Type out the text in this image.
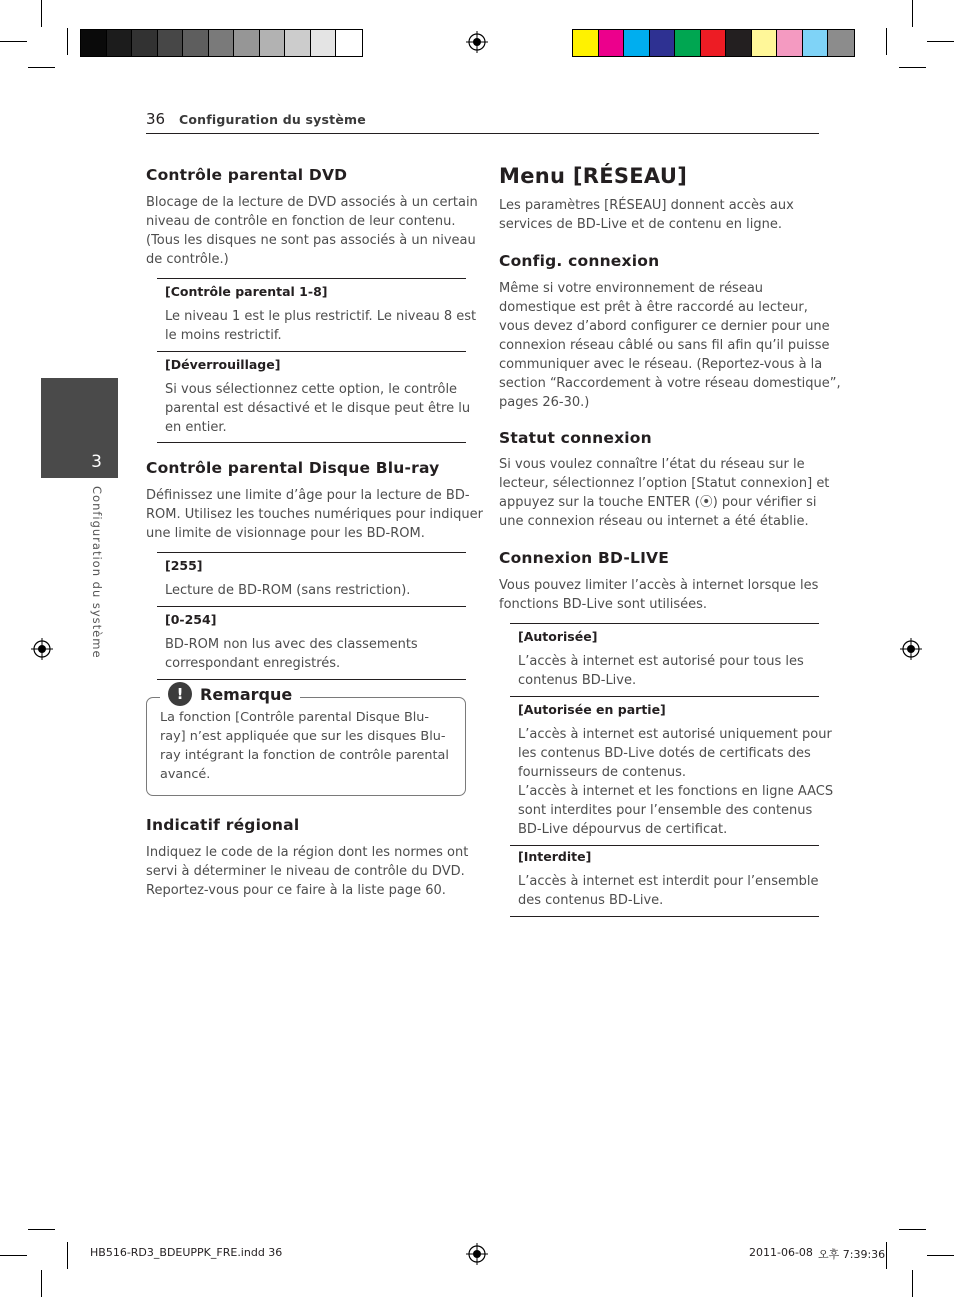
36 Configuration du système
3
Configuration du système
Contrôle parental DVD
Blocage de la lecture de DVD associés à un certain
niveau de contrôle en fonction de leur contenu.
(Tous les disques ne sont pas associés à un niveau
de contrôle.)
[Contrôle parental 1-8]
Le niveau 1 est le plus restrictif. Le niveau 8 est
le moins restrictif.
[Déverrouillage]
Si vous sélectionnez cette option, le contrôle
parental est désactivé et le disque peut être lu
en entier.
Contrôle parental Disque Blu-ray
Définissez une limite d’âge pour la lecture de BD-
ROM. Utilisez les touches numériques pour indiquer
une limite de visionnage pour les BD-ROM.
[255]
Lecture de BD-ROM (sans restriction).
[0-254]
BD-ROM non lus avec des classements
correspondant enregistrés.
!	Remarque
La fonction [Contrôle parental Disque Blu-
ray] n’est appliquée que sur les disques Blu-
ray intégrant la fonction de contrôle parental
avancé.
Indicatif régional
Indiquez le code de la région dont les normes ont
servi à déterminer le niveau de contrôle du DVD.
Reportez-vous pour ce faire à la liste page 60.
Menu [RÉSEAU]
Les paramètres [RÉSEAU] donnent accès aux
services de BD-Live et de contenu en ligne.
Config. connexion
Même si votre environnement de réseau
domestique est prêt à être raccordé au lecteur,
vous devez d’abord configurer ce dernier pour une
connexion réseau câblé ou sans fil afin qu’il puisse
communiquer avec le réseau. (Reportez-vous à la
section “Raccordement à votre réseau domestique”,
pages 26-30.)
Statut connexion
Si vous voulez connaître l’état du réseau sur le
lecteur, sélectionnez l’option [Statut connexion] et
appuyez sur la touche ENTER (⦿) pour vérifier si
une connexion réseau ou internet a été établie.
Connexion BD-LIVE
Vous pouvez limiter l’accès à internet lorsque les
fonctions BD-Live sont utilisées.
[Autorisée]
L’accès à internet est autorisé pour tous les
contenus BD-Live.
[Autorisée en partie]
L’accès à internet est autorisé uniquement pour
les contenus BD-Live dotés de certificats des
fournisseurs de contenus.
L’accès à internet et les fonctions en ligne AACS
sont interdites pour l’ensemble des contenus
BD-Live dépourvus de certificat.
[Interdite]
L’accès à internet est interdit pour l’ensemble
des contenus BD-Live.
HB516-RD3_BDEUPPK_FRE.indd 36	2011-06-08 오후 7:39:36
